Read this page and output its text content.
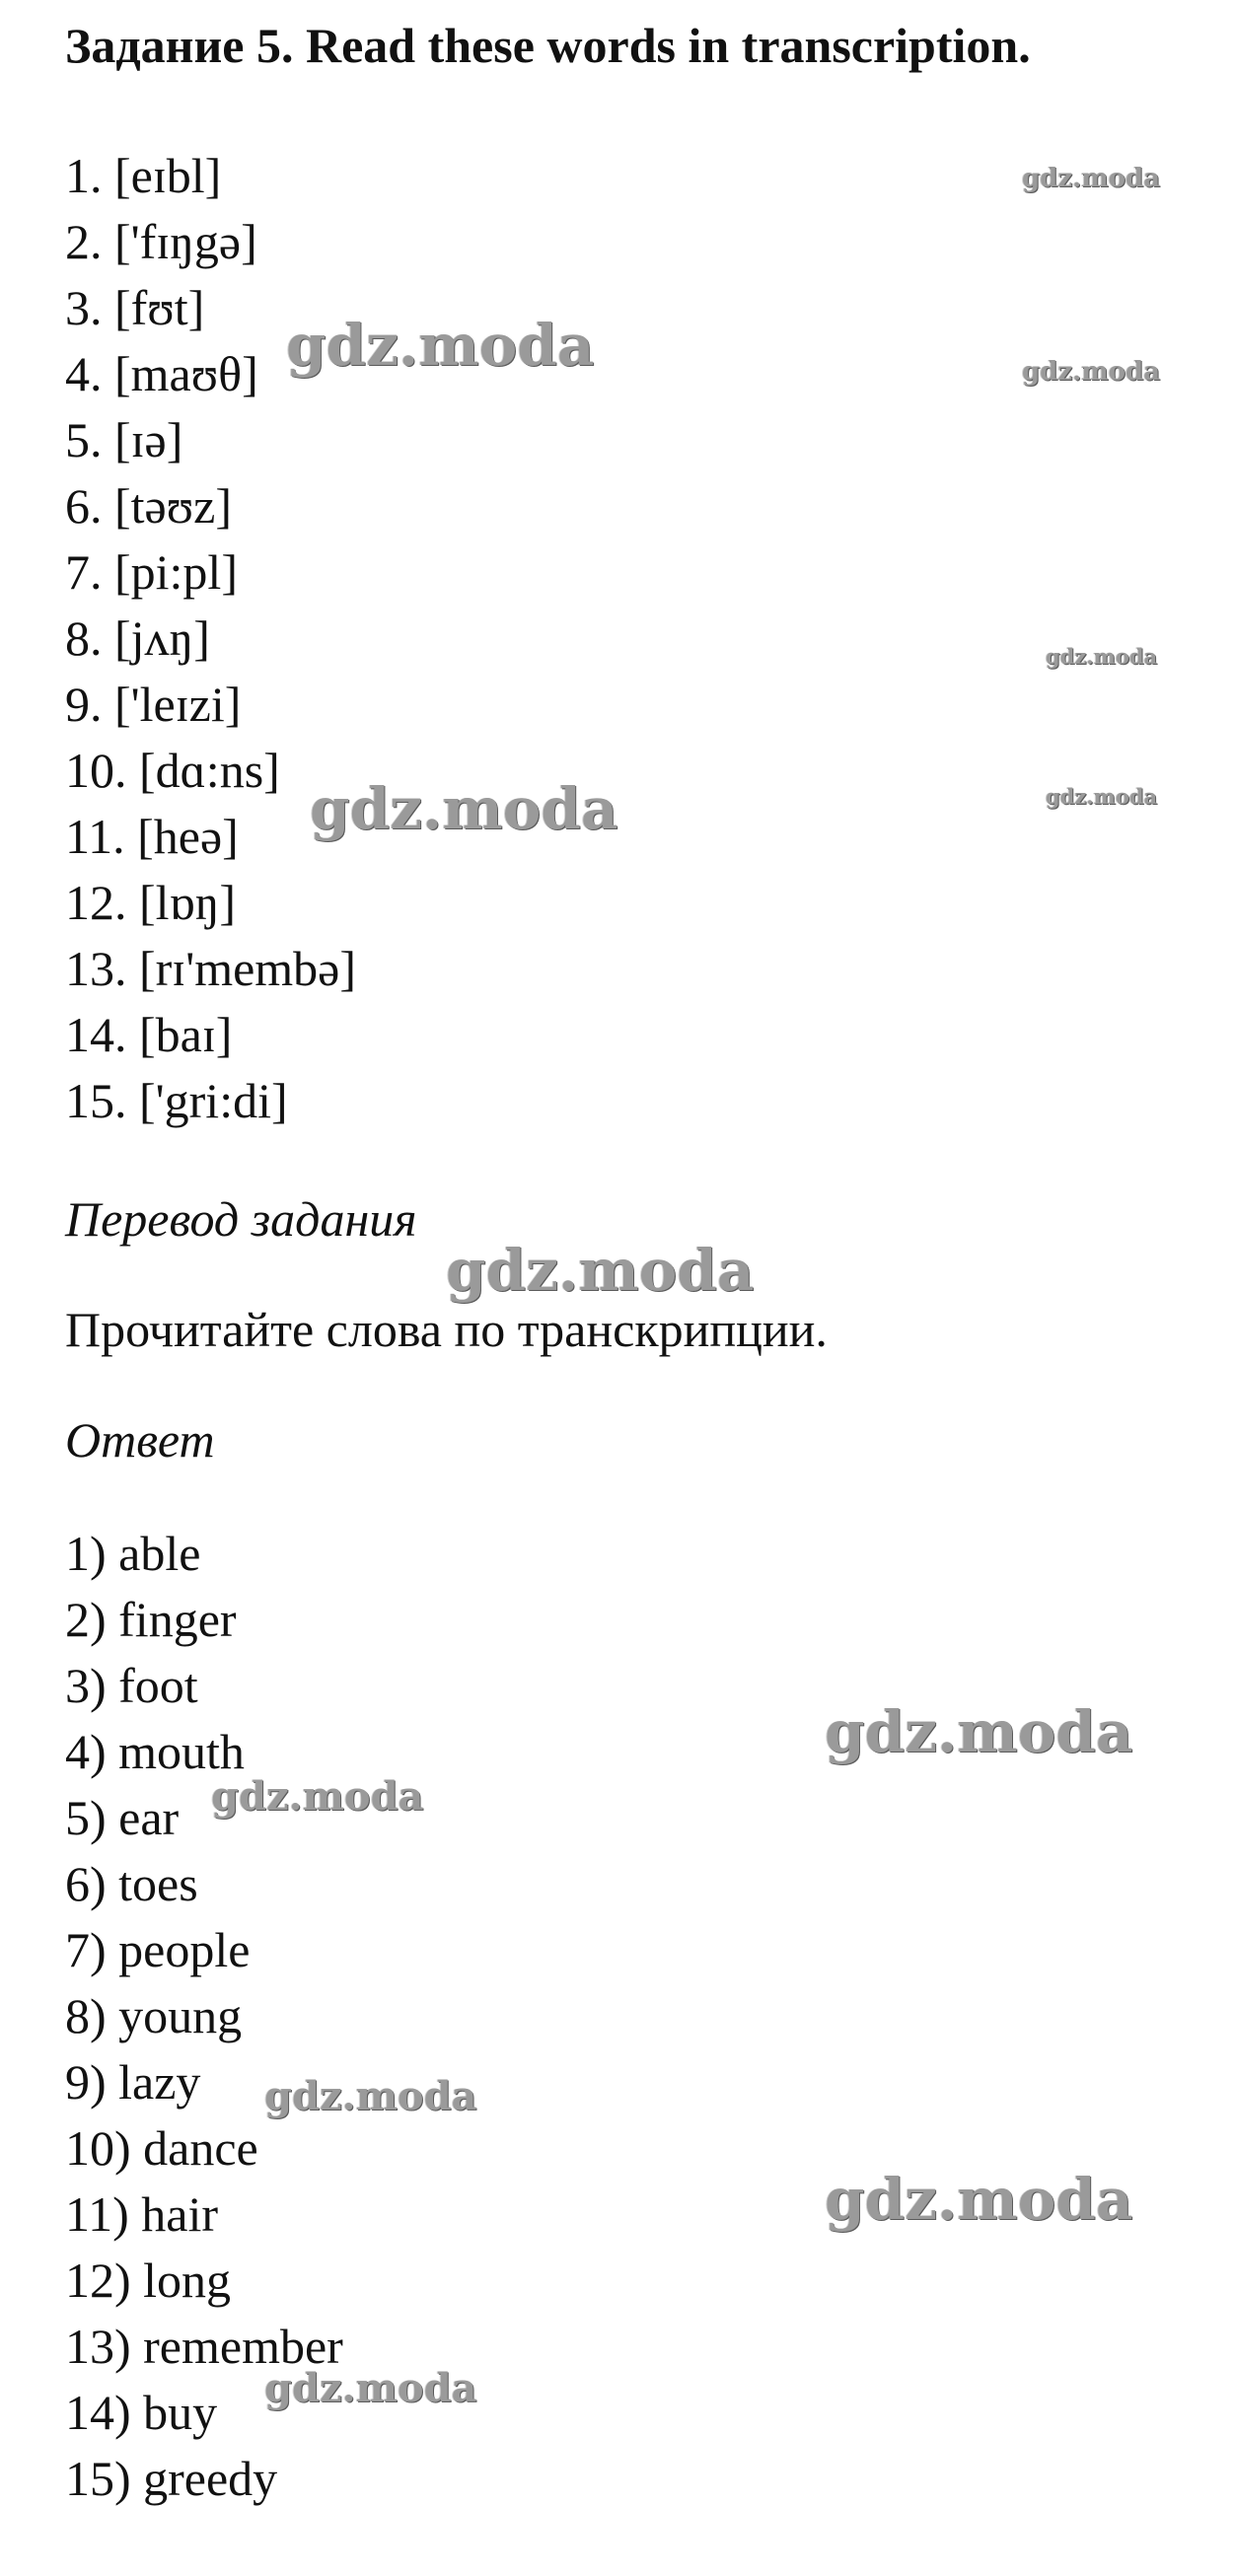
Задание 5. Read these words in transcription.
1. [eɪbl]
2. ['fɪŋgə]
3. [fʊt]
4. [maʊθ]
5. [ɪə]
6. [təʊz]
7. [pi:pl]
8. [jʌŋ]
9. ['leɪzi]
10. [dɑ:ns]
11. [heə]
12. [lɒŋ]
13. [rɪ'membə]
14. [baɪ]
15. ['gri:di]

Перевод задания

Прочитайте слова по транскрипции.

Ответ

1) able
2) finger
3) foot
4) mouth
5) ear
6) toes
7) people
8) young
9) lazy
10) dance
11) hair
12) long
13) remember
14) buy
15) greedy
gdz.moda
gdz.moda	gdz.moda
gdz.moda
gdz.moda
gdz.moda
gdz.moda
gdz.moda
gdz.moda
gdz.moda
gdz.moda
gdz.moda
